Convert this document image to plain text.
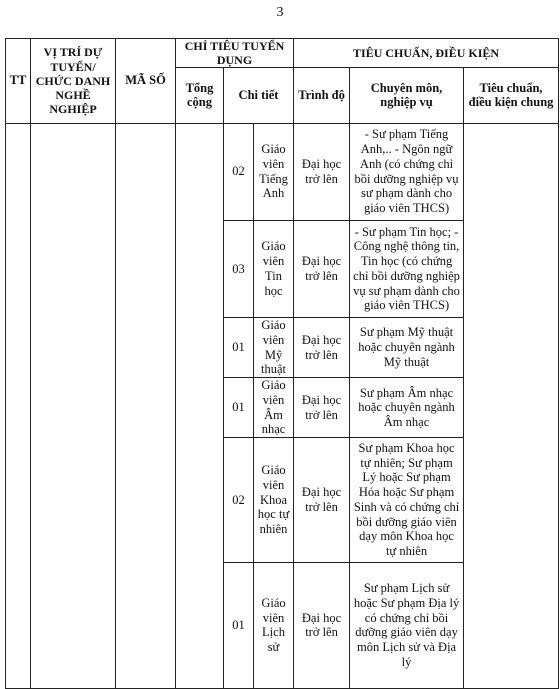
3
TT	VỊ TRÍ DỰ TUYỂN/ CHỨC DANH NGHỀ NGHIỆP	MÃ SỐ	CHỈ TIÊU TUYỂN DỤNG			TIÊU CHUẨN, ĐIỀU KIỆN		
			Tổng cộng	Chi tiết		Trình độ	Chuyên môn, nghiệp vụ	Tiêu chuẩn, điều kiện chung
				02	Giáo viên Tiếng Anh	Đại học trở lên	- Sư phạm Tiếng Anh,.. - Ngôn ngữ Anh (có chứng chỉ bồi dưỡng nghiệp vụ sư phạm dành cho giáo viên THCS)	
				03	Giáo viên Tin học	Đại học trở lên	- Sư phạm Tin học; - Công nghệ thông tin, Tin học (có chứng chỉ bồi dưỡng nghiệp vụ sư phạm dành cho giáo viên THCS)	
				01	Giáo viên Mỹ thuật	Đại học trở lên	Sư phạm Mỹ thuật hoặc chuyên ngành Mỹ thuật	
				01	Giáo viên Âm nhạc	Đại học trở lên	Sư phạm Âm nhạc hoặc chuyên ngành Âm nhạc	
				02	Giáo viên Khoa học tự nhiên	Đại học trở lên	Sư phạm Khoa học tự nhiên; Sư phạm Lý hoặc Sư phạm Hóa hoặc Sư phạm Sinh và có chứng chỉ bồi dưỡng giáo viên dạy môn Khoa học tự nhiên	
				01	Giáo viên Lịch sử	Đại học trở lên	Sư phạm Lịch sử hoặc Sư phạm Địa lý có chứng chỉ bồi dưỡng giáo viên dạy môn Lịch sử và Địa lý	
